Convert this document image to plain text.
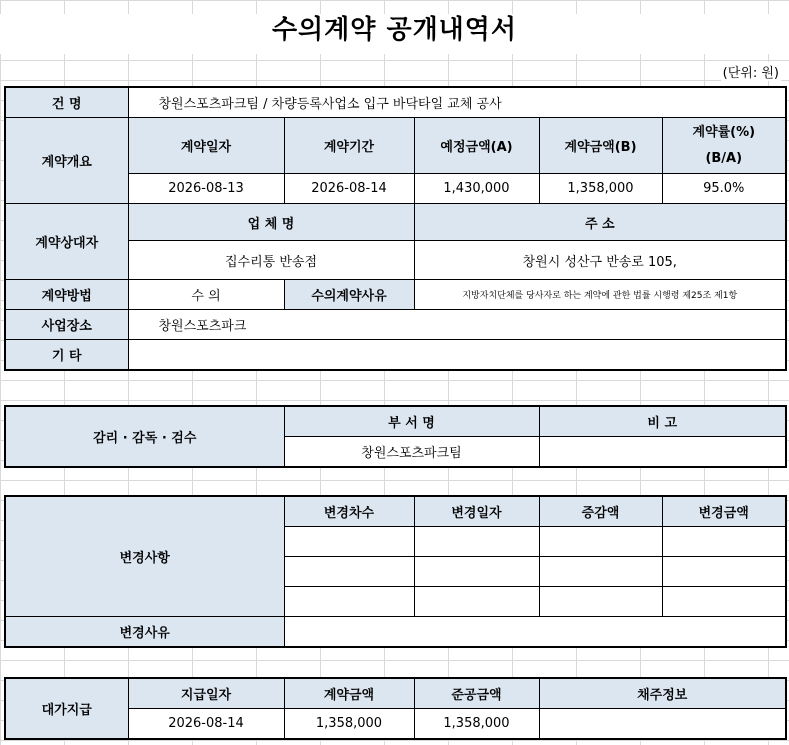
수의계약 공개내역서
(단위: 원)
건 명	창원스포츠파크팀 / 차량등록사업소 입구 바닥타일 교체 공사				
계약개요	계약일자	계약기간	예정금액(A)	계약금액(B)	계약률(%)
(B/A)

	2026-08-13	2026-08-14	1,430,000	1,358,000	95.0%
계약상대자	업 체 명		주 소		
	집수리통 반송점		창원시 성산구 반송로 105,		
계약방법	수 의	수의계약사유	지방자치단체를 당사자로 하는 계약에 관한 법률 시행령 제25조 제1항		
사업장소	창원스포츠파크				
기 타					
감리 · 감독 · 검수	부 서 명	비 고
	창원스포츠파크팀	
변경사항	변경차수	변경일자	증감액	변경금액

변경사유				
대가지급	지급일자	계약금액	준공금액	채주정보
	2026-08-14	1,358,000	1,358,000	
